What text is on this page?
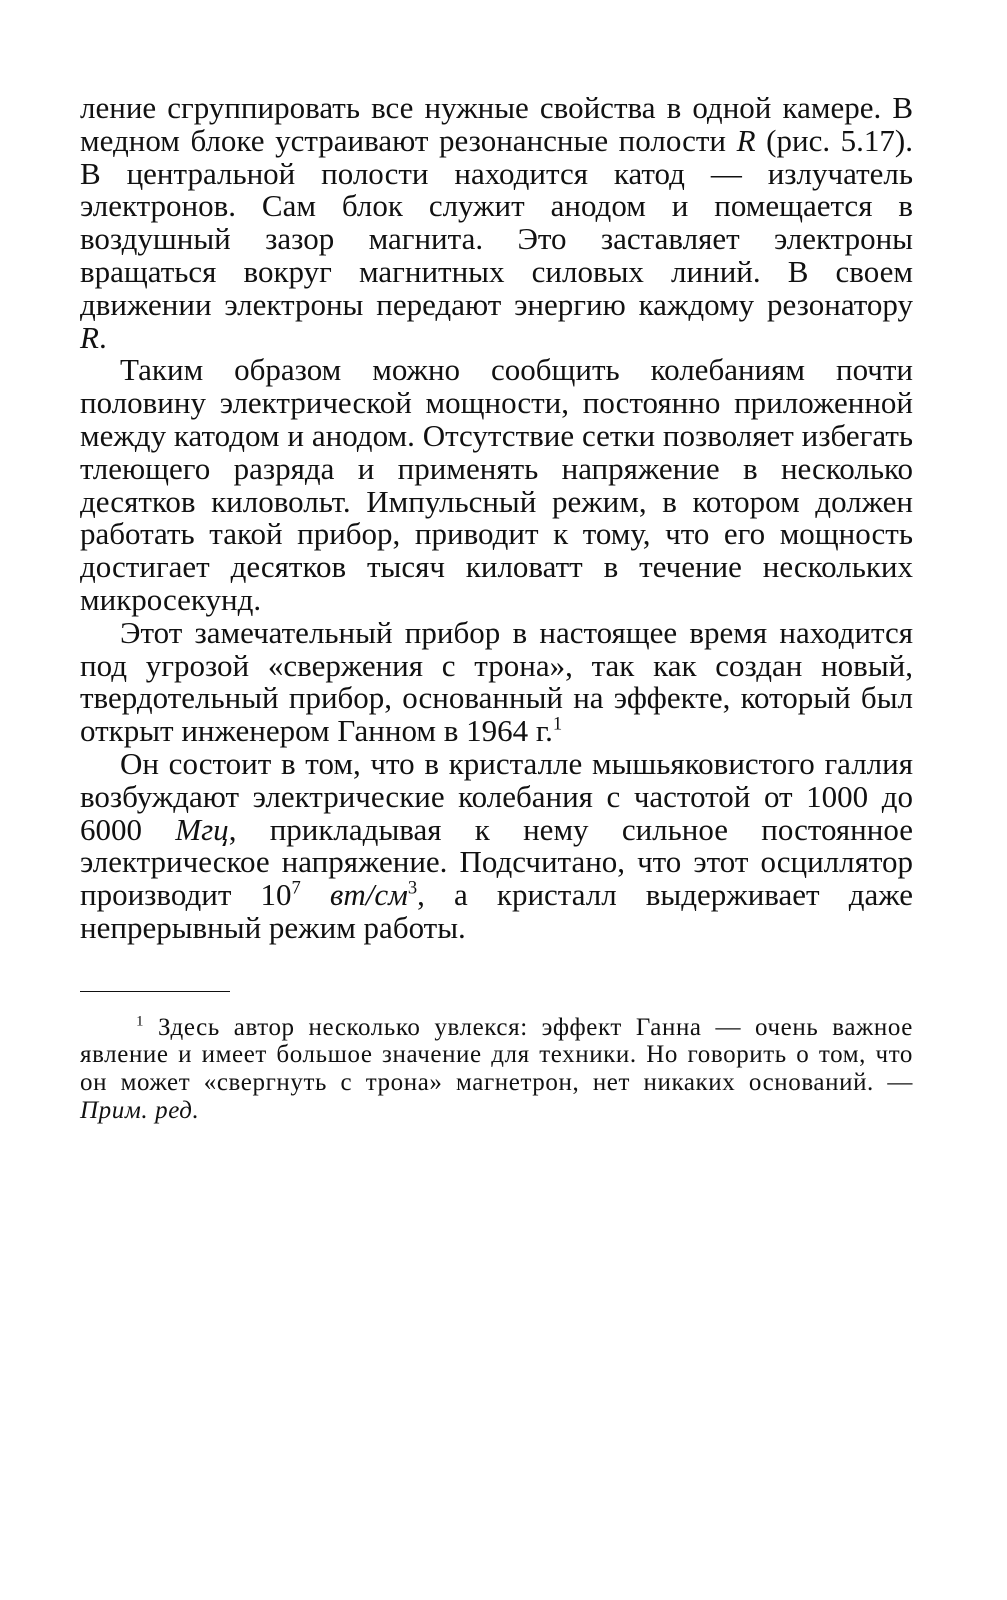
ление сгруппировать все нужные свойства в одной камере. В медном блоке устраивают резонансные полости R (рис. 5.17). В центральной полости находится катод — излучатель электронов. Сам блок служит анодом и помещается в воздушный зазор магнита. Это заставляет электроны вращаться вокруг магнитных силовых линий. В своем движении электроны передают энергию каждому резонатору R.

Таким образом можно сообщить колебаниям почти половину электрической мощности, постоянно приложенной между катодом и анодом. Отсутствие сетки позволяет избегать тлеющего разряда и применять напряжение в несколько десятков киловольт. Импульсный режим, в котором должен работать такой прибор, приводит к тому, что его мощность достигает десятков тысяч киловатт в течение нескольких микросекунд.

Этот замечательный прибор в настоящее время находится под угрозой «свержения с трона», так как создан новый, твердотельный прибор, основанный на эффекте, который был открыт инженером Ганном в 1964 г.$^1$

Он состоит в том, что в кристалле мышьяковистого галлия возбуждают электрические колебания с частотой от 1000 до 6000 Мгц, прикладывая к нему сильное постоянное электрическое напряжение. Подсчитано, что этот осциллятор производит $10^7$ $вт/см^3$, а кристалл выдерживает даже непрерывный режим работы.

$^1$ Здесь автор несколько увлекся: эффект Ганна — очень важное явление и имеет большое значение для техники. Но говорить о том, что он может «свергнуть с трона» магнетрон, нет никаких оснований. — Прим. ред.
